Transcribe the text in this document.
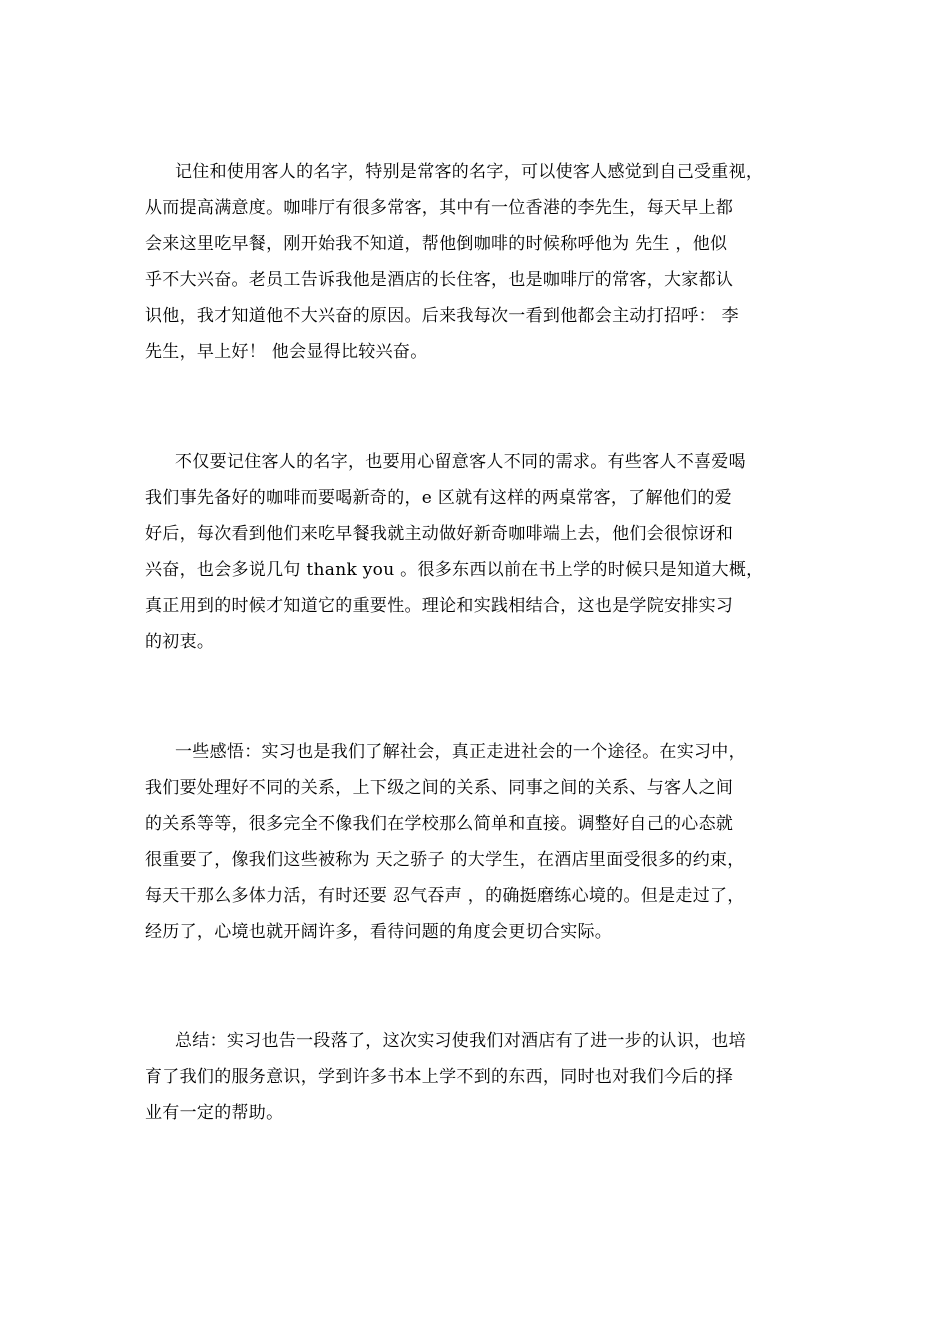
记住和使用客人的名字，特别是常客的名字，可以使客人感觉到自己受重视，
从而提高满意度。咖啡厅有很多常客，其中有一位香港的李先生，每天早上都
会来这里吃早餐，刚开始我不知道，帮他倒咖啡的时候称呼他为 先生 ，他似
乎不大兴奋。老员工告诉我他是酒店的长住客，也是咖啡厅的常客，大家都认
识他，我才知道他不大兴奋的原因。后来我每次一看到他都会主动打招呼： 李
先生，早上好！ 他会显得比较兴奋。
不仅要记住客人的名字，也要用心留意客人不同的需求。有些客人不喜爱喝
我们事先备好的咖啡而要喝新奇的，e 区就有这样的两桌常客，了解他们的爱
好后，每次看到他们来吃早餐我就主动做好新奇咖啡端上去，他们会很惊讶和
兴奋，也会多说几句 thank you 。很多东西以前在书上学的时候只是知道大概，
真正用到的时候才知道它的重要性。理论和实践相结合，这也是学院安排实习
的初衷。
一些感悟：实习也是我们了解社会，真正走进社会的一个途径。在实习中，
我们要处理好不同的关系，上下级之间的关系、同事之间的关系、与客人之间
的关系等等，很多完全不像我们在学校那么简单和直接。调整好自己的心态就
很重要了，像我们这些被称为 天之骄子 的大学生，在酒店里面受很多的约束，
每天干那么多体力活，有时还要 忍气吞声 ，的确挺磨练心境的。但是走过了，
经历了，心境也就开阔许多，看待问题的角度会更切合实际。
总结：实习也告一段落了，这次实习使我们对酒店有了进一步的认识，也培
育了我们的服务意识，学到许多书本上学不到的东西，同时也对我们今后的择
业有一定的帮助。
